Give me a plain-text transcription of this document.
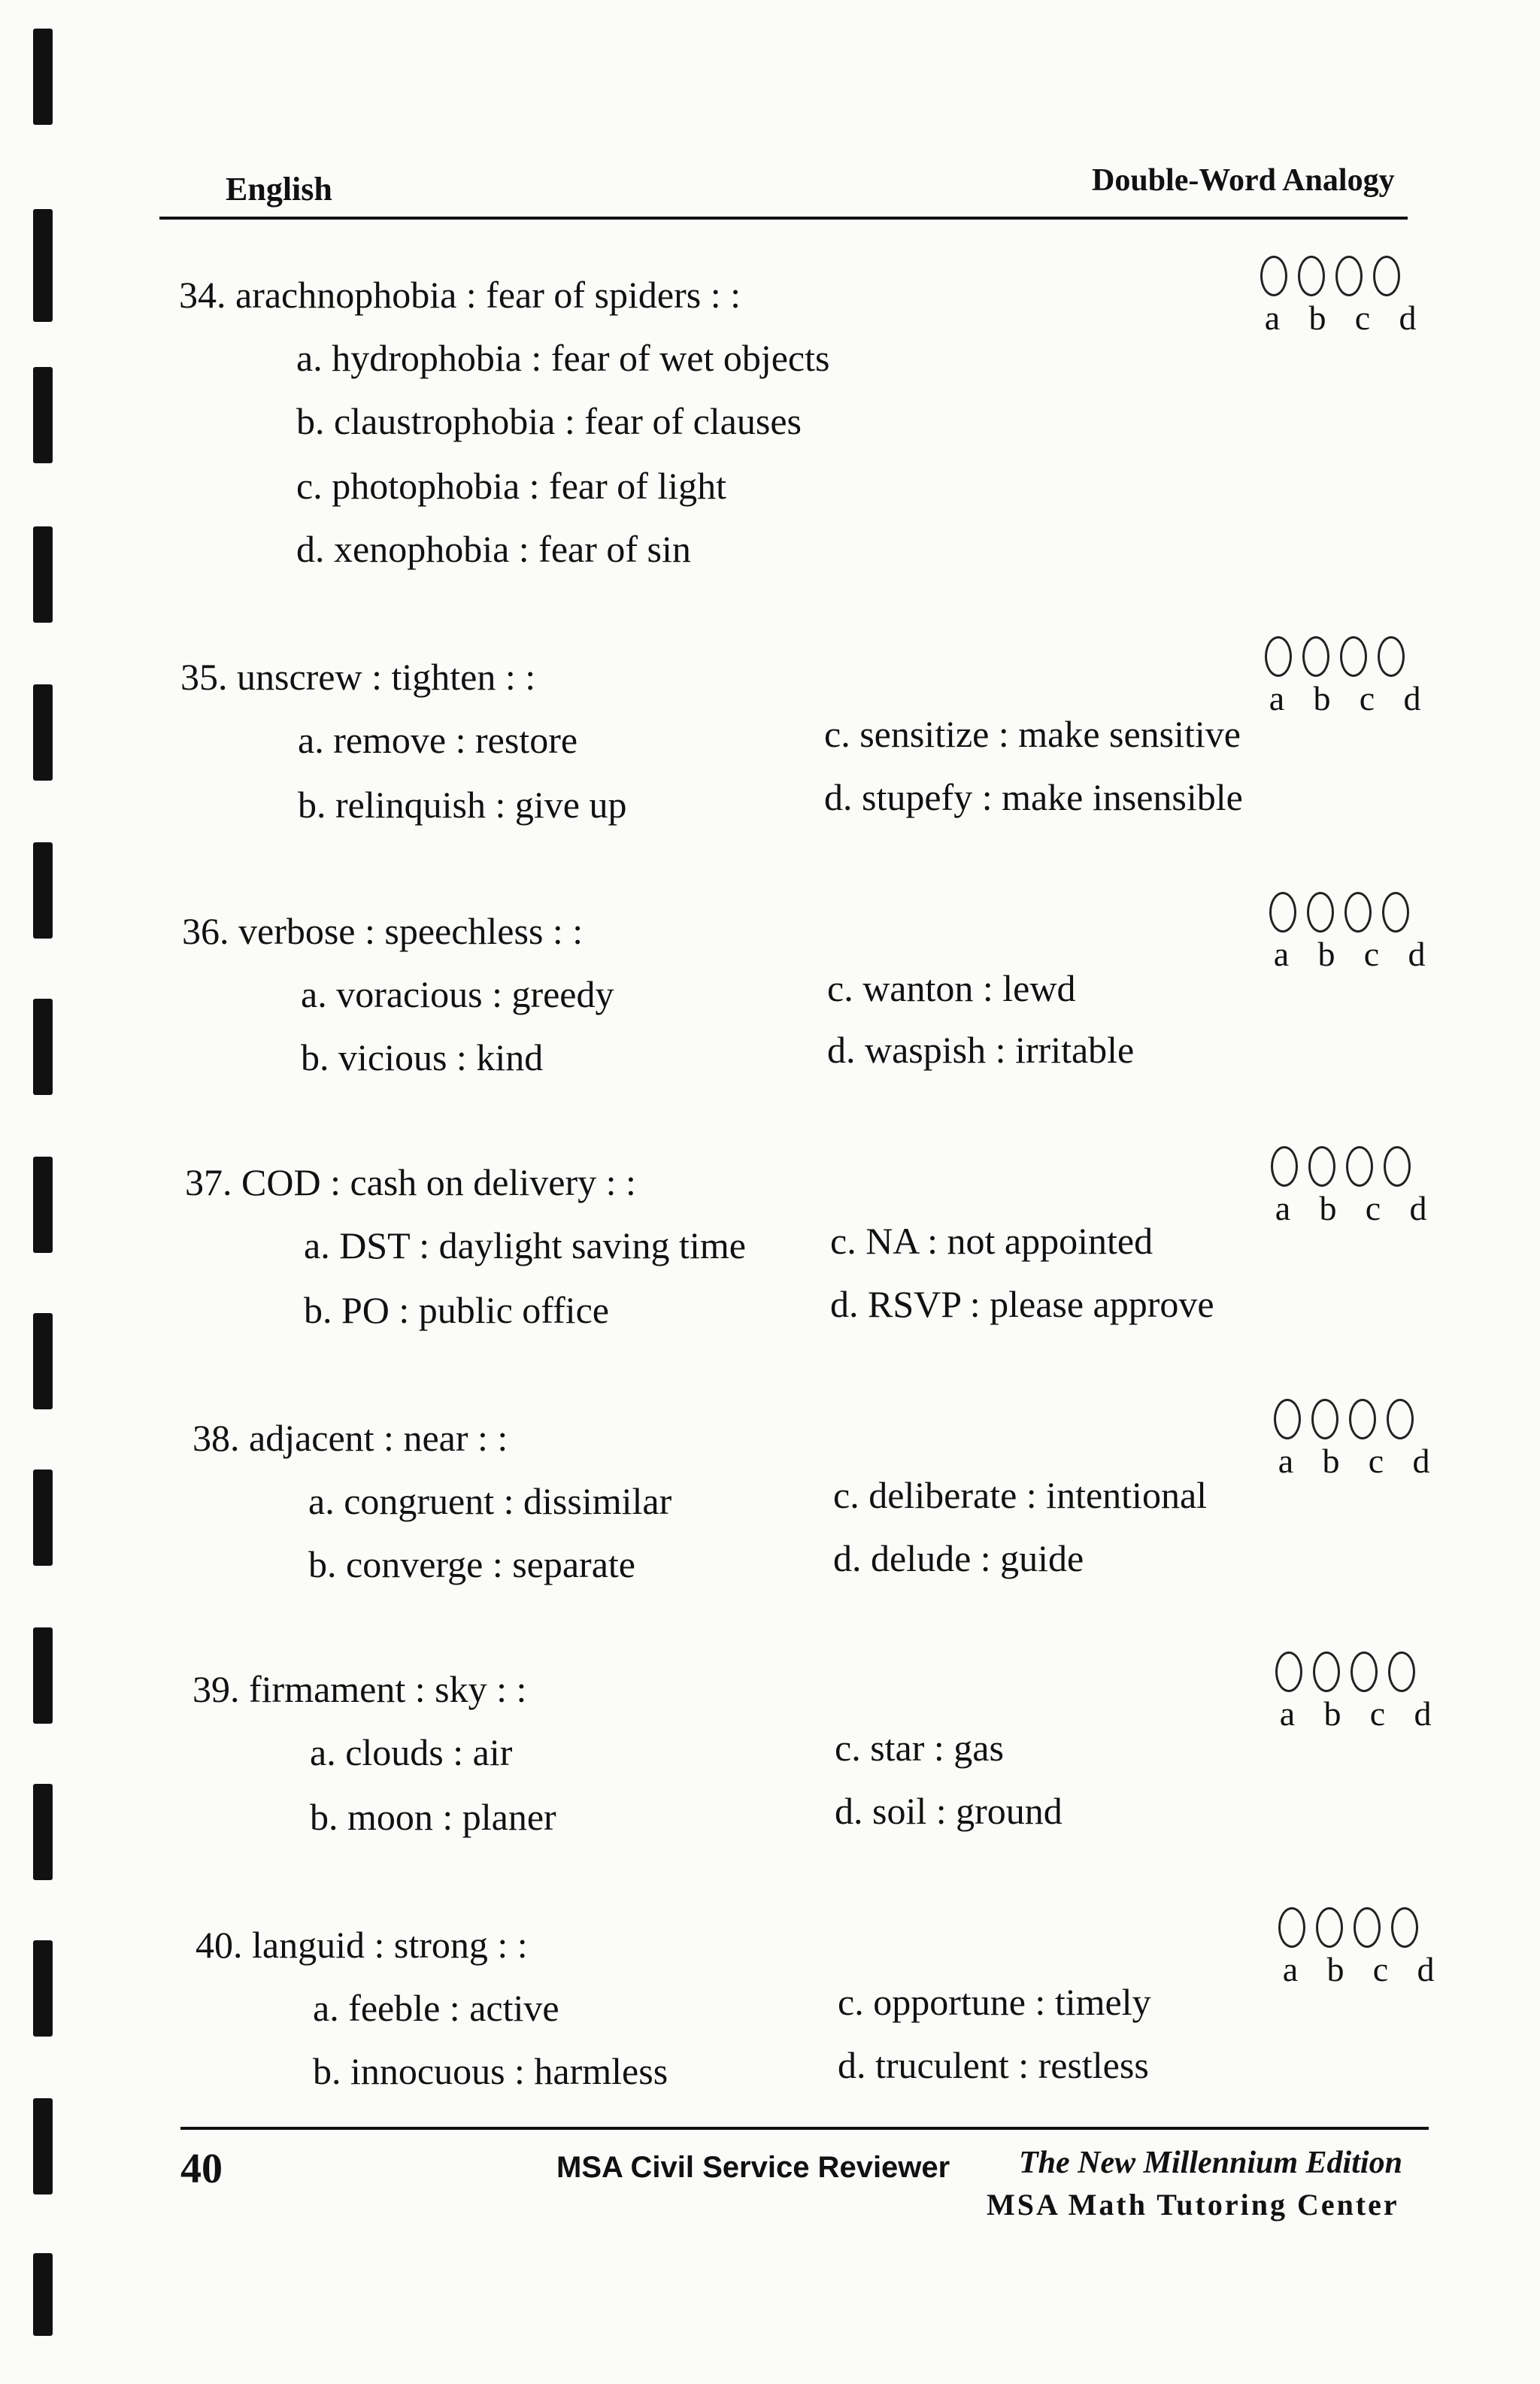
English	Double-Word Analogy
34. arachnophobia : fear of spiders : :
a. hydrophobia : fear of wet objects
b. claustrophobia : fear of clauses
c. photophobia : fear of light
d. xenophobia : fear of sin
a b c d
35. unscrew : tighten : :
a. remove : restore
b. relinquish : give up
c. sensitize : make sensitive
d. stupefy : make insensible
a b c d
36. verbose : speechless : :
a. voracious : greedy
b. vicious : kind
c. wanton : lewd
d. waspish : irritable
a b c d
37. COD : cash on delivery : :
a. DST : daylight saving time
b. PO : public office
c. NA : not appointed
d. RSVP : please approve
a b c d
38. adjacent : near : :
a. congruent : dissimilar
b. converge : separate
c. deliberate : intentional
d. delude : guide
a b c d
39. firmament : sky : :
a. clouds : air
b. moon : planer
c. star : gas
d. soil : ground
a b c d
40. languid : strong : :
a. feeble : active
b. innocuous : harmless
c. opportune : timely
d. truculent : restless
a b c d
40	MSA Civil Service Reviewer The New Millennium Edition
MSA Math Tutoring Center
